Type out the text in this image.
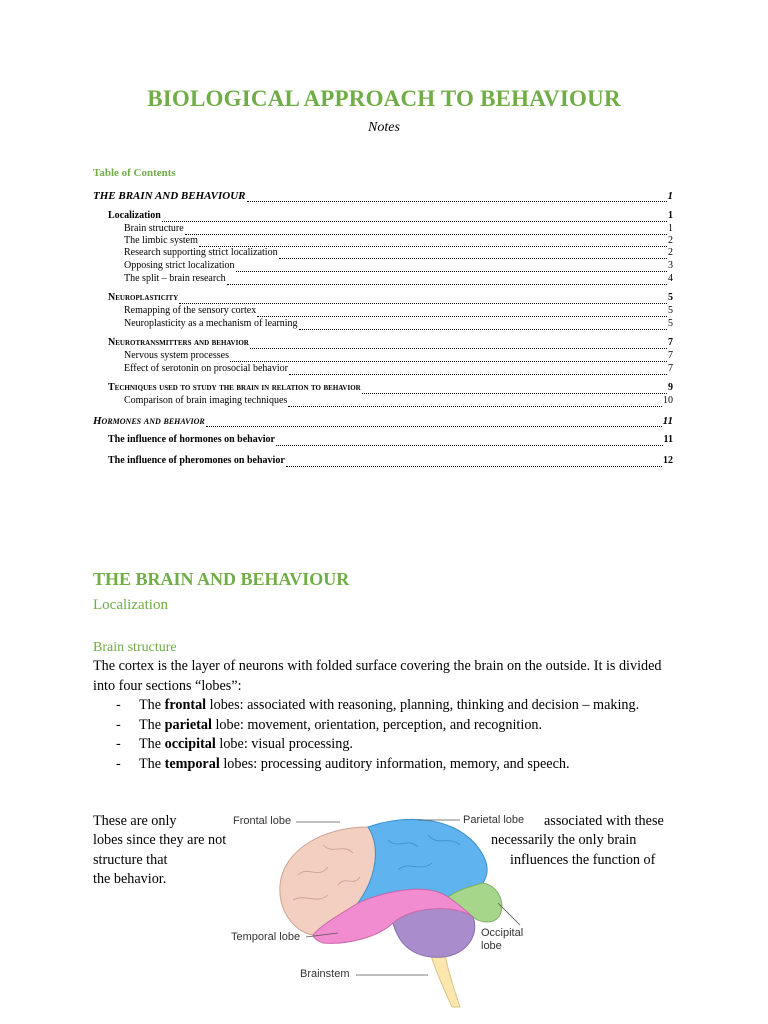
BIOLOGICAL APPROACH TO BEHAVIOUR
Notes
Table of Contents
THE BRAIN AND BEHAVIOUR	1
Localization	1
Brain structure	1
The limbic system	2
Research supporting strict localization	2
Opposing strict localization	3
The split – brain research	4
Neuroplasticity	5
Remapping of the sensory cortex	5
Neuroplasticity as a mechanism of learning	5
Neurotransmitters and behavior	7
Nervous system processes	7
Effect of serotonin on prosocial behavior	7
Techniques used to study the brain in relation to behavior	9
Comparison of brain imaging techniques	10
Hormones and behavior	11
The influence of hormones on behavior	11
The influence of pheromones on behavior	12
THE BRAIN AND BEHAVIOUR
Localization
Brain structure
The cortex is the layer of neurons with folded surface covering the brain on the outside. It is divided into four sections “lobes”:
- The frontal lobes: associated with reasoning, planning, thinking and decision – making.
- The parietal lobe: movement, orientation, perception, and recognition.
- The occipital lobe: visual processing.
- The temporal lobes: processing auditory information, memory, and speech.
These are only	associated with these
lobes since they are not	necessarily the only brain
structure that	influences the function of
the behavior.
Frontal lobe	Parietal lobe
Occipital lobe
Temporal lobe
Brainstem
